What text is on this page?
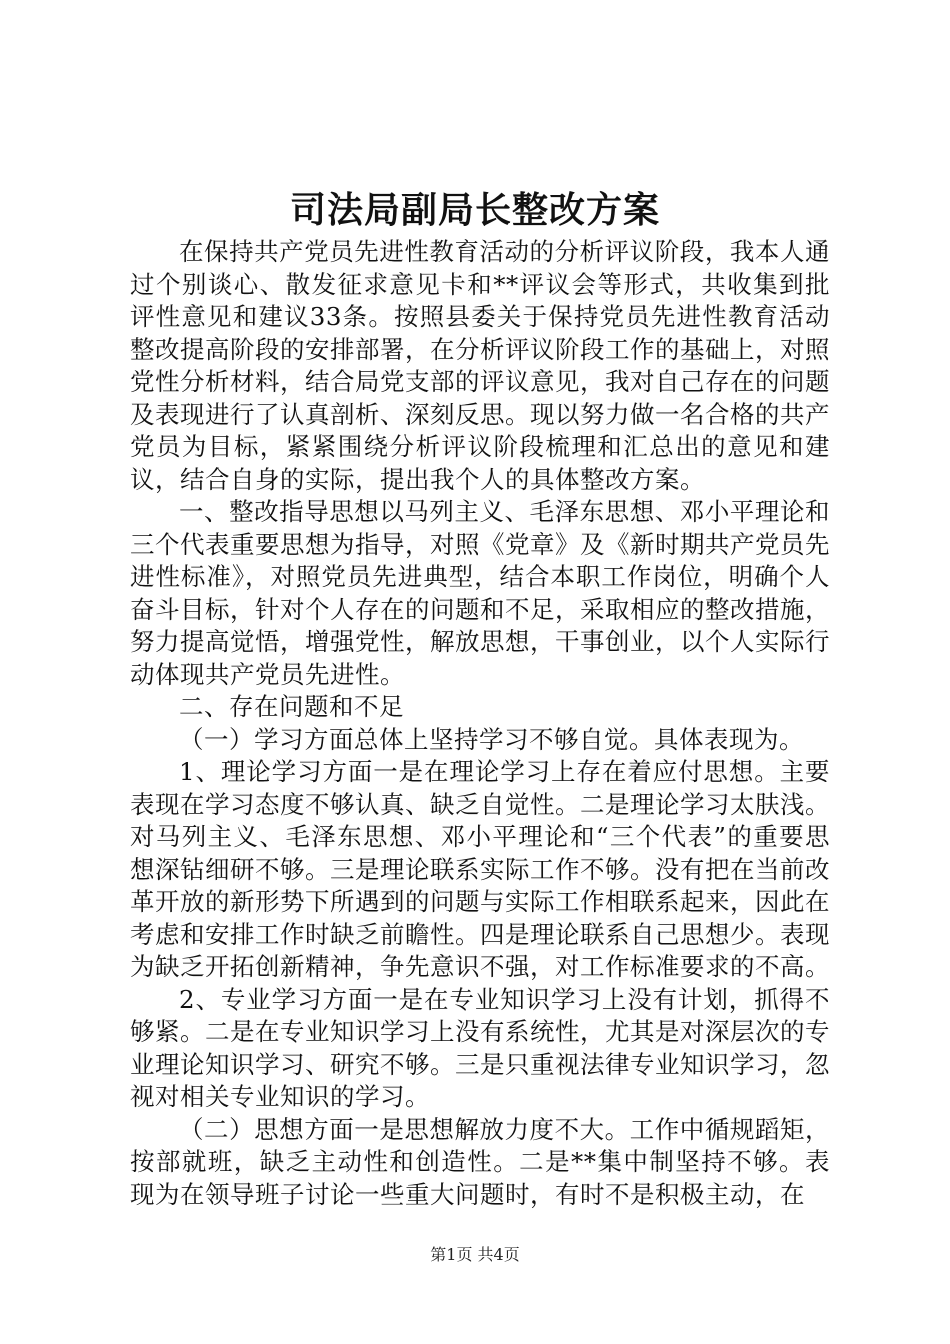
司法局副局长整改方案

在保持共产党员先进性教育活动的分析评议阶段，我本人通过个别谈心、散发征求意见卡和**评议会等形式，共收集到批评性意见和建议33条。按照县委关于保持党员先进性教育活动整改提高阶段的安排部署，在分析评议阶段工作的基础上，对照党性分析材料，结合局党支部的评议意见，我对自己存在的问题及表现进行了认真剖析、深刻反思。现以努力做一名合格的共产党员为目标，紧紧围绕分析评议阶段梳理和汇总出的意见和建议，结合自身的实际，提出我个人的具体整改方案。

一、整改指导思想以马列主义、毛泽东思想、邓小平理论和三个代表重要思想为指导，对照《党章》及《新时期共产党员先进性标准》，对照党员先进典型，结合本职工作岗位，明确个人奋斗目标，针对个人存在的问题和不足，采取相应的整改措施，努力提高觉悟，增强党性，解放思想，干事创业，以个人实际行动体现共产党员先进性。

二、存在问题和不足

（一）学习方面总体上坚持学习不够自觉。具体表现为。

1、理论学习方面一是在理论学习上存在着应付思想。主要表现在学习态度不够认真、缺乏自觉性。二是理论学习太肤浅。对马列主义、毛泽东思想、邓小平理论和“三个代表”的重要思想深钻细研不够。三是理论联系实际工作不够。没有把在当前改革开放的新形势下所遇到的问题与实际工作相联系起来，因此在考虑和安排工作时缺乏前瞻性。四是理论联系自己思想少。表现为缺乏开拓创新精神，争先意识不强，对工作标准要求的不高。

2、专业学习方面一是在专业知识学习上没有计划，抓得不够紧。二是在专业知识学习上没有系统性，尤其是对深层次的专业理论知识学习、研究不够。三是只重视法律专业知识学习，忽视对相关专业知识的学习。

（二）思想方面一是思想解放力度不大。工作中循规蹈矩，按部就班，缺乏主动性和创造性。二是**集中制坚持不够。表现为在领导班子讨论一些重大问题时，有时不是积极主动，在

第1页 共4页
